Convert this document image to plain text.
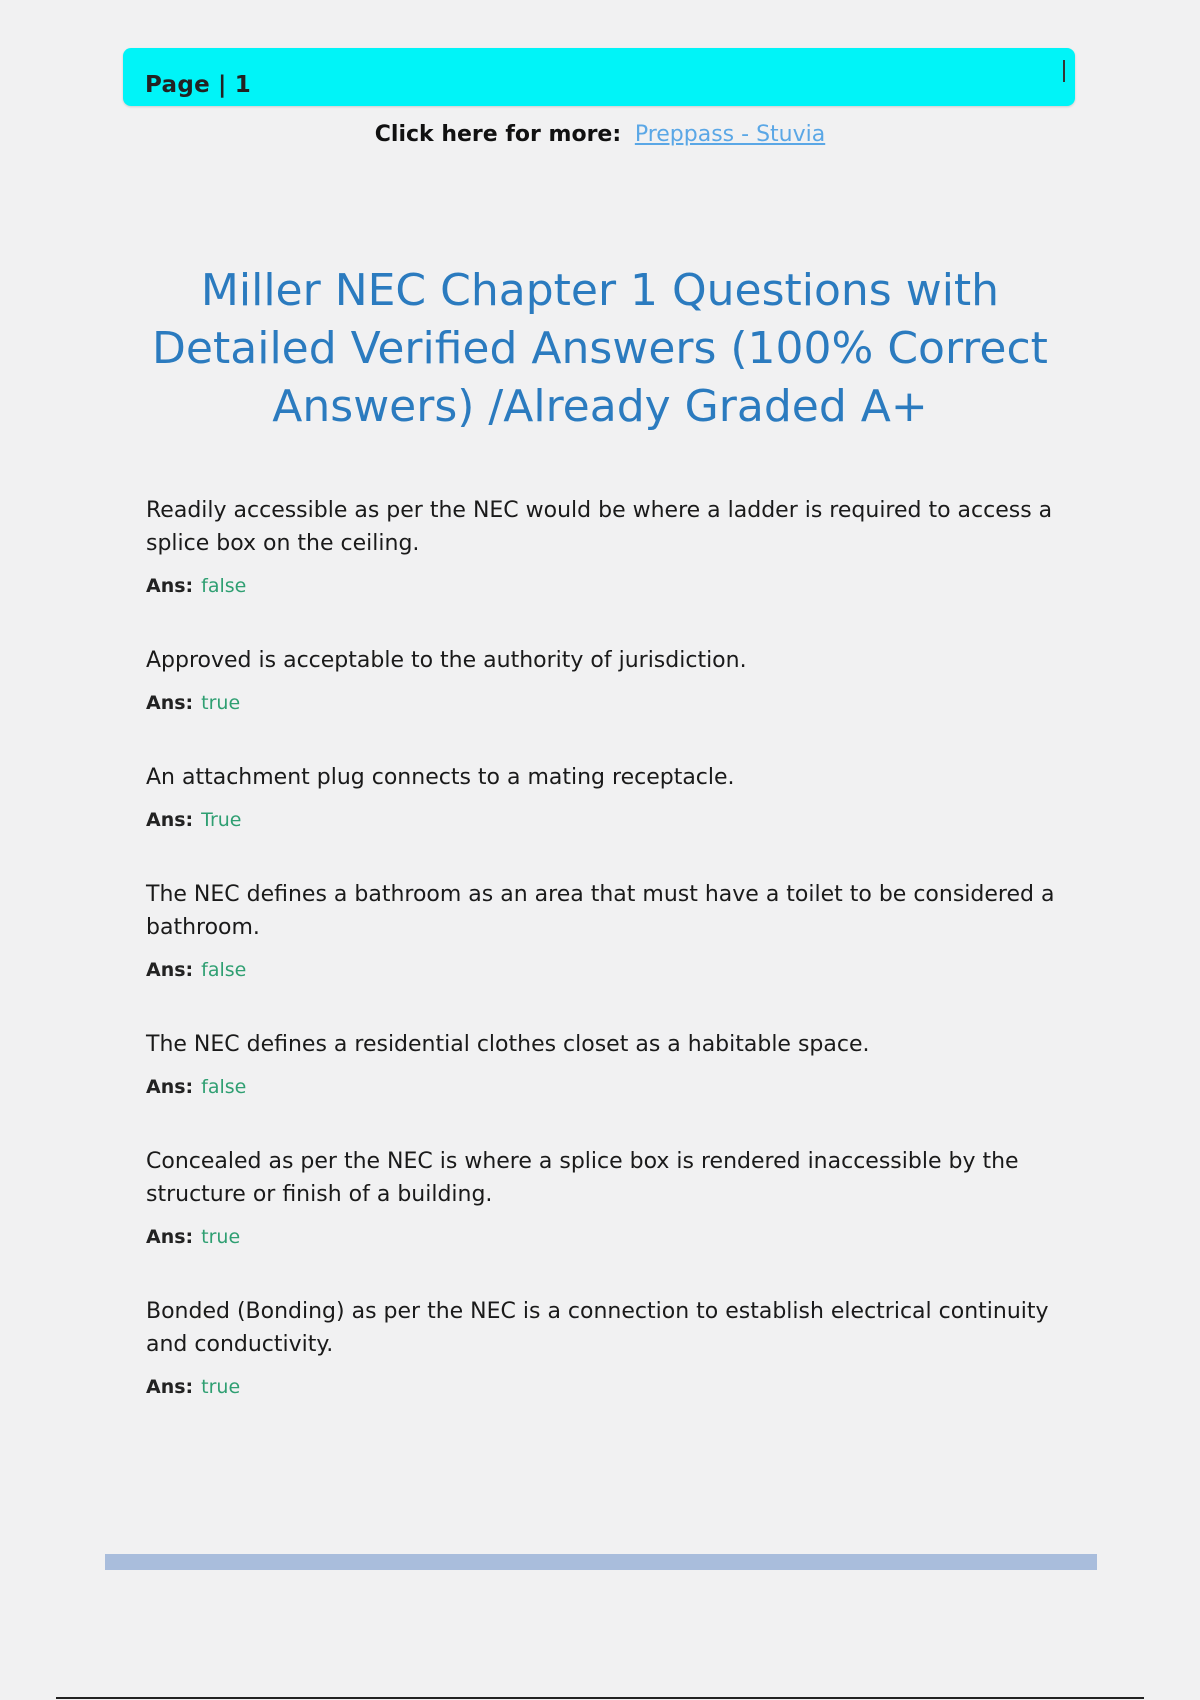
Page | 1
Click here for more: Preppass - Stuvia
Miller NEC Chapter 1 Questions with Detailed Verified Answers (100% Correct Answers) /Already Graded A+

Readily accessible as per the NEC would be where a ladder is required to access a splice box on the ceiling.

Ans: false

Approved is acceptable to the authority of jurisdiction.

Ans: true

An attachment plug connects to a mating receptacle.

Ans: True

The NEC defines a bathroom as an area that must have a toilet to be considered a bathroom.

Ans: false

The NEC defines a residential clothes closet as a habitable space.

Ans: false

Concealed as per the NEC is where a splice box is rendered inaccessible by the structure or finish of a building.

Ans: true

Bonded (Bonding) as per the NEC is a connection to establish electrical continuity and conductivity.

Ans: true
